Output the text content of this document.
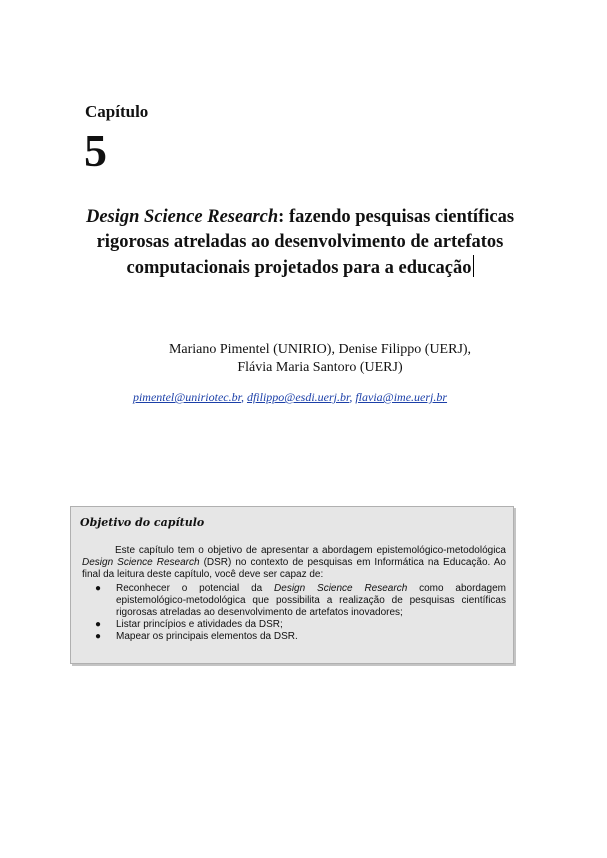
Capítulo
5
Design Science Research: fazendo pesquisas científicas rigorosas atreladas ao desenvolvimento de artefatos computacionais projetados para a educação
Mariano Pimentel (UNIRIO), Denise Filippo (UERJ),
Flávia Maria Santoro (UERJ)
pimentel@uniriotec.br, dfilippo@esdi.uerj.br, flavia@ime.uerj.br
Objetivo do capítulo

Este capítulo tem o objetivo de apresentar a abordagem epistemológico-metodológica Design Science Research (DSR) no contexto de pesquisas em Informática na Educação. Ao final da leitura deste capítulo, você deve ser capaz de:

● Reconhecer o potencial da Design Science Research como abordagem epistemológico-metodológica que possibilita a realização de pesquisas científicas rigorosas atreladas ao desenvolvimento de artefatos inovadores;
● Listar princípios e atividades da DSR;
● Mapear os principais elementos da DSR.
